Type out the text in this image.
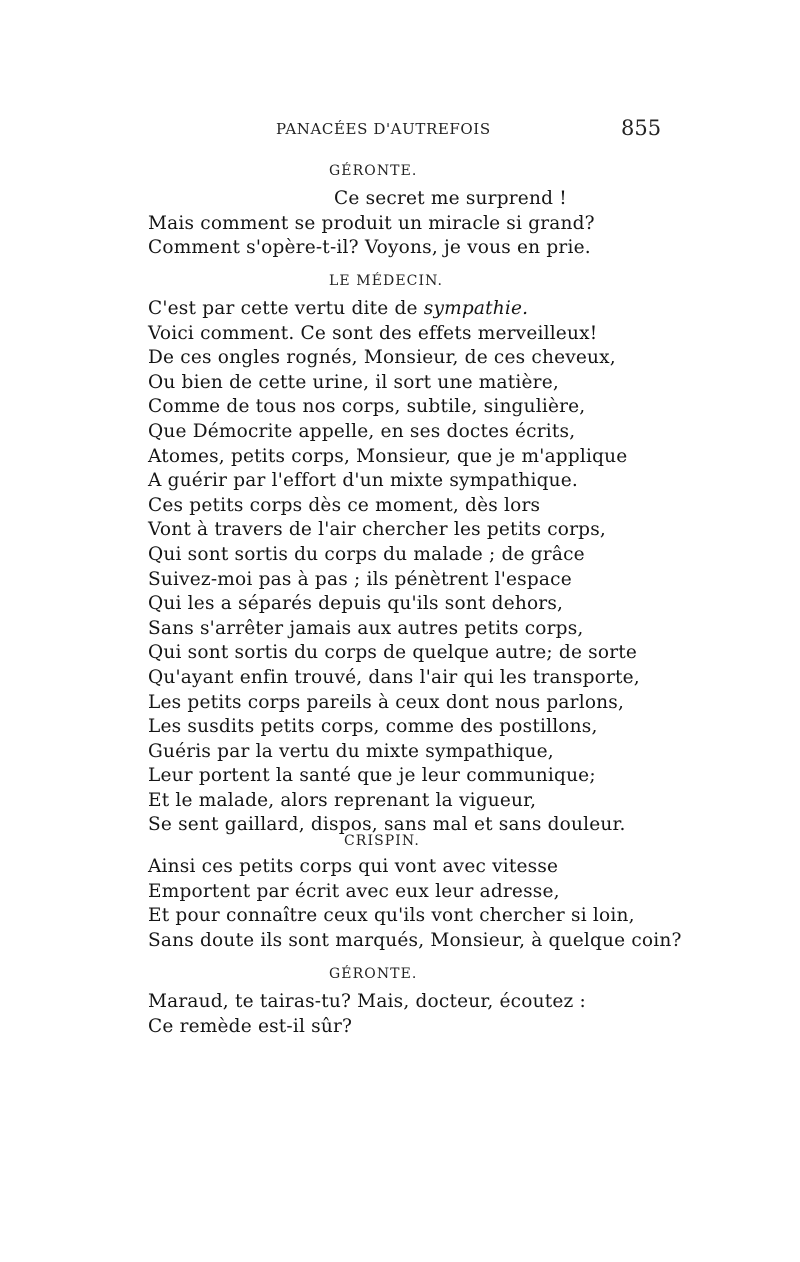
PANACÉES D'AUTREFOIS	855
GÉRONTE.
Ce secret me surprend !
Mais comment se produit un miracle si grand?
Comment s'opère-t-il? Voyons, je vous en prie.
LE MÉDECIN.
C'est par cette vertu dite de sympathie.
Voici comment. Ce sont des effets merveilleux!
De ces ongles rognés, Monsieur, de ces cheveux,
Ou bien de cette urine, il sort une matière,
Comme de tous nos corps, subtile, singulière,
Que Démocrite appelle, en ses doctes écrits,
Atomes, petits corps, Monsieur, que je m'applique
A guérir par l'effort d'un mixte sympathique.
Ces petits corps dès ce moment, dès lors
Vont à travers de l'air chercher les petits corps,
Qui sont sortis du corps du malade ; de grâce
Suivez-moi pas à pas ; ils pénètrent l'espace
Qui les a séparés depuis qu'ils sont dehors,
Sans s'arrêter jamais aux autres petits corps,
Qui sont sortis du corps de quelque autre; de sorte
Qu'ayant enfin trouvé, dans l'air qui les transporte,
Les petits corps pareils à ceux dont nous parlons,
Les susdits petits corps, comme des postillons,
Guéris par la vertu du mixte sympathique,
Leur portent la santé que je leur communique;
Et le malade, alors reprenant la vigueur,
Se sent gaillard, dispos, sans mal et sans douleur.
CRISPIN.
Ainsi ces petits corps qui vont avec vitesse
Emportent par écrit avec eux leur adresse,
Et pour connaître ceux qu'ils vont chercher si loin,
Sans doute ils sont marqués, Monsieur, à quelque coin?
GÉRONTE.
Maraud, te tairas-tu? Mais, docteur, écoutez :
Ce remède est-il sûr?
